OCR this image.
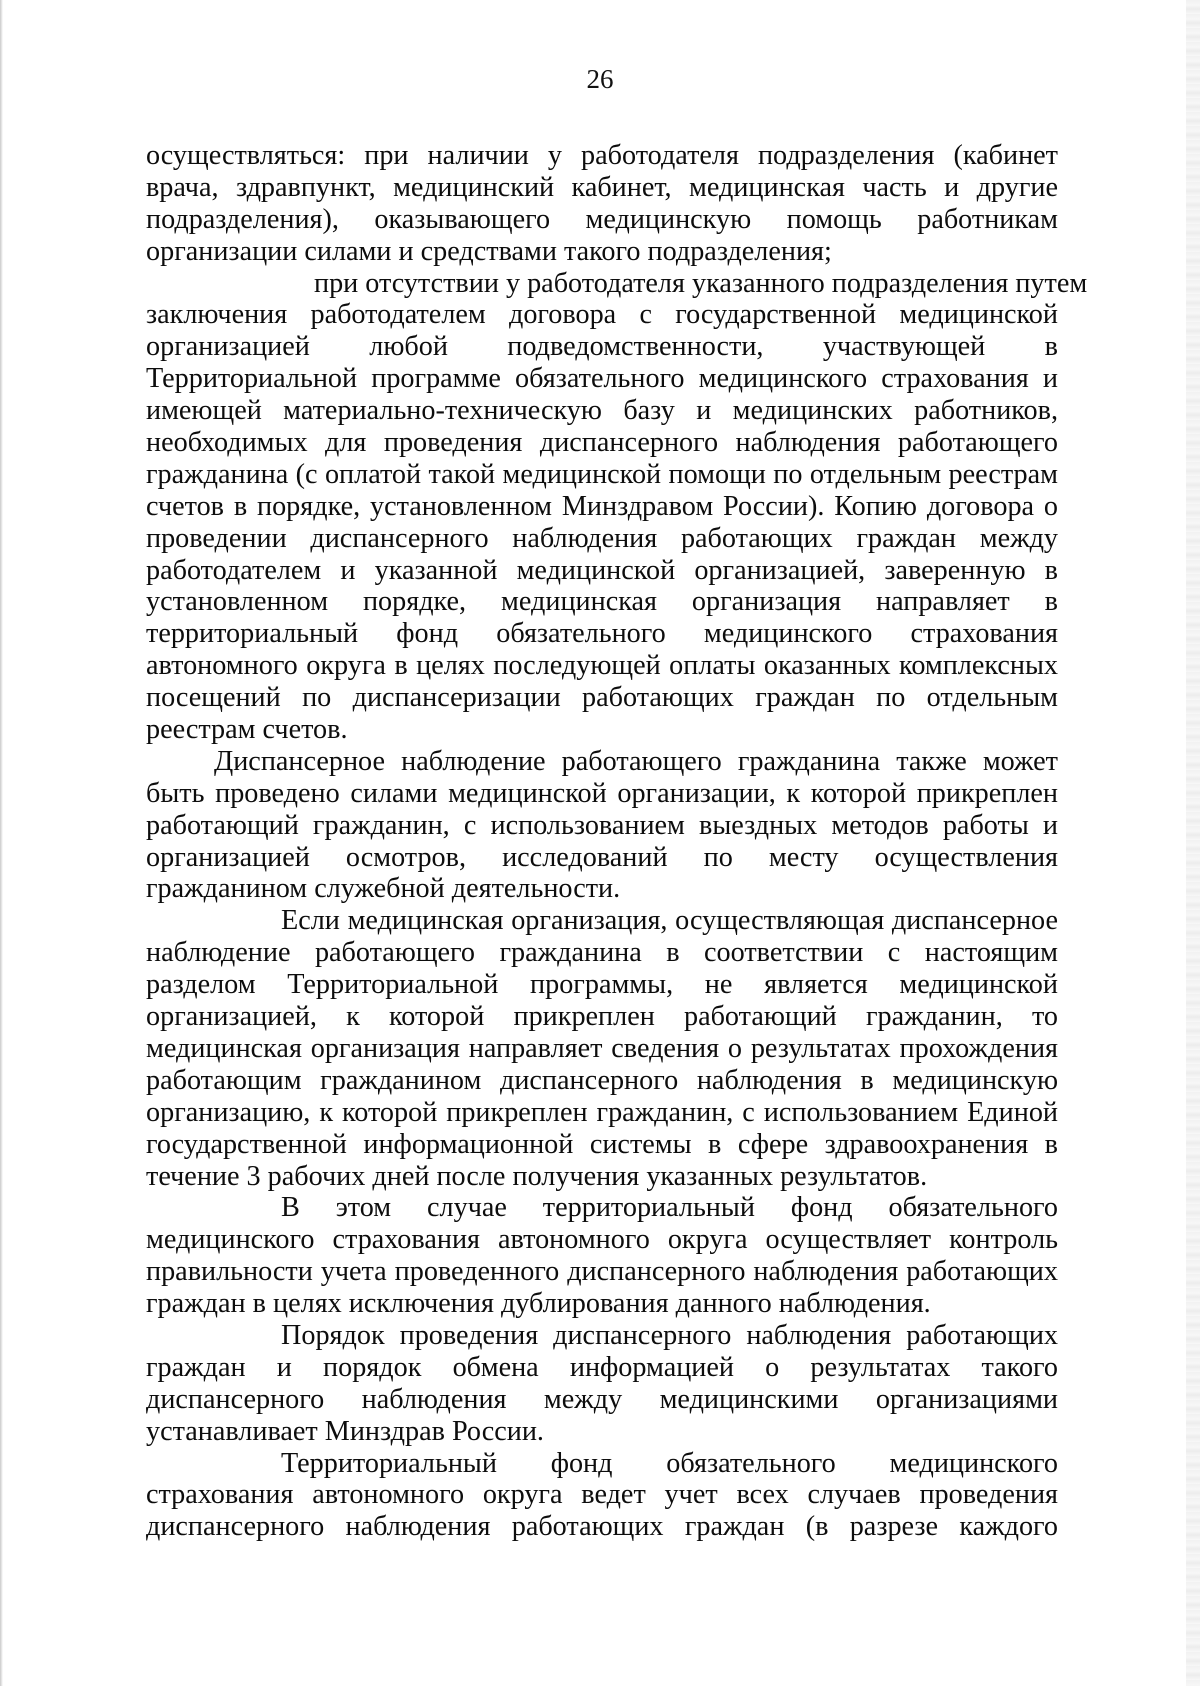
26
осуществляться: при наличии у работодателя подразделения (кабинет
врача, здравпункт, медицинский кабинет, медицинская часть и другие
подразделения), оказывающего медицинскую помощь работникам
организации силами и средствами такого подразделения;
при отсутствии у работодателя указанного подразделения путем
заключения работодателем договора с государственной медицинской
организацией любой подведомственности, участвующей в
Территориальной программе обязательного медицинского страхования и
имеющей материально-техническую базу и медицинских работников,
необходимых для проведения диспансерного наблюдения работающего
гражданина (с оплатой такой медицинской помощи по отдельным реестрам
счетов в порядке, установленном Минздравом России). Копию договора о
проведении диспансерного наблюдения работающих граждан между
работодателем и указанной медицинской организацией, заверенную в
установленном порядке, медицинская организация направляет в
территориальный фонд обязательного медицинского страхования
автономного округа в целях последующей оплаты оказанных комплексных
посещений по диспансеризации работающих граждан по отдельным
реестрам счетов.
Диспансерное наблюдение работающего гражданина также может
быть проведено силами медицинской организации, к которой прикреплен
работающий гражданин, с использованием выездных методов работы и
организацией осмотров, исследований по месту осуществления
гражданином служебной деятельности.
Если медицинская организация, осуществляющая диспансерное
наблюдение работающего гражданина в соответствии с настоящим
разделом Территориальной программы, не является медицинской
организацией, к которой прикреплен работающий гражданин, то
медицинская организация направляет сведения о результатах прохождения
работающим гражданином диспансерного наблюдения в медицинскую
организацию, к которой прикреплен гражданин, с использованием Единой
государственной информационной системы в сфере здравоохранения в
течение 3 рабочих дней после получения указанных результатов.
В этом случае территориальный фонд обязательного
медицинского страхования автономного округа осуществляет контроль
правильности учета проведенного диспансерного наблюдения работающих
граждан в целях исключения дублирования данного наблюдения.
Порядок проведения диспансерного наблюдения работающих
граждан и порядок обмена информацией о результатах такого
диспансерного наблюдения между медицинскими организациями
устанавливает Минздрав России.
Территориальный фонд обязательного медицинского
страхования автономного округа ведет учет всех случаев проведения
диспансерного наблюдения работающих граждан (в разрезе каждого
